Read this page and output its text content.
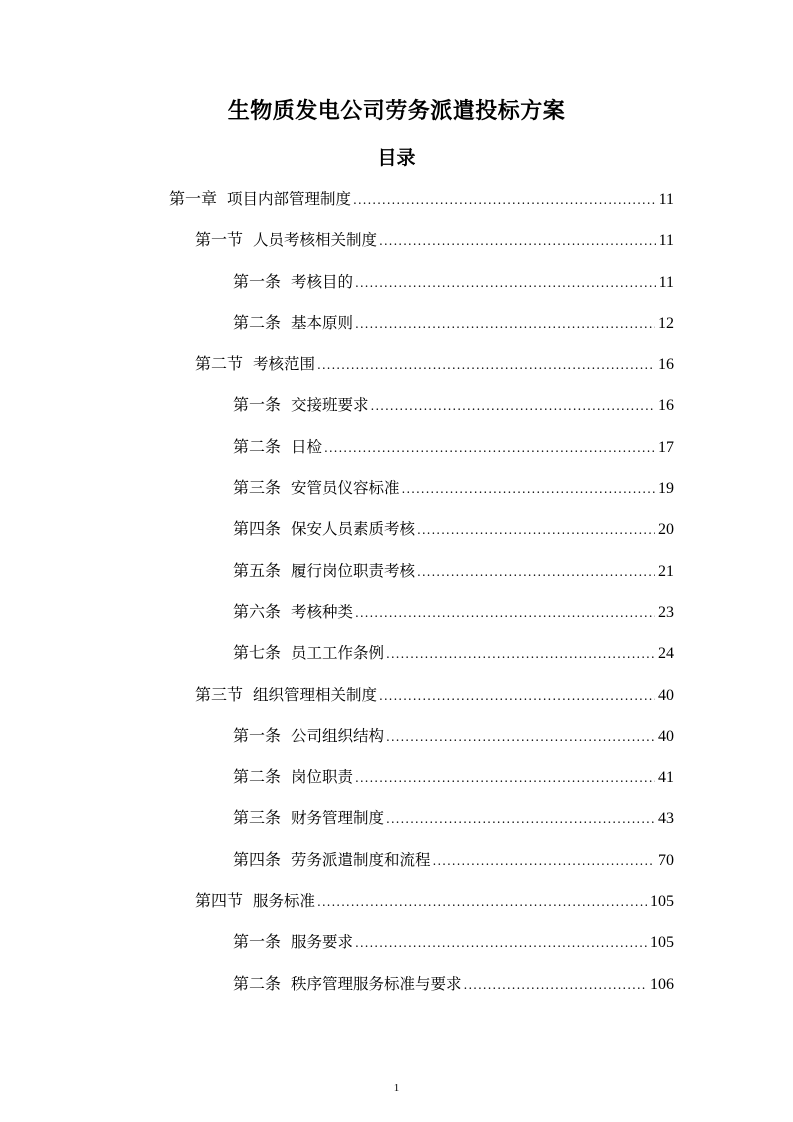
生物质发电公司劳务派遣投标方案
目录
第一章 项目内部管理制度 .....	11
第一节 人员考核相关制度 .....	11
第一条 考核目的 .....	11
第二条 基本原则 .....	12
第二节 考核范围 .....	16
第一条 交接班要求 .....	16
第二条 日检 .....	17
第三条 安管员仪容标准 .....	19
第四条 保安人员素质考核 .....	20
第五条 履行岗位职责考核 .....	21
第六条 考核种类 .....	23
第七条 员工工作条例 .....	24
第三节 组织管理相关制度 .....	40
第一条 公司组织结构 .....	40
第二条 岗位职责 .....	41
第三条 财务管理制度 .....	43
第四条 劳务派遣制度和流程 .....	70
第四节 服务标准 .....	105
第一条 服务要求 .....	105
第二条 秩序管理服务标准与要求 .....	106
1
